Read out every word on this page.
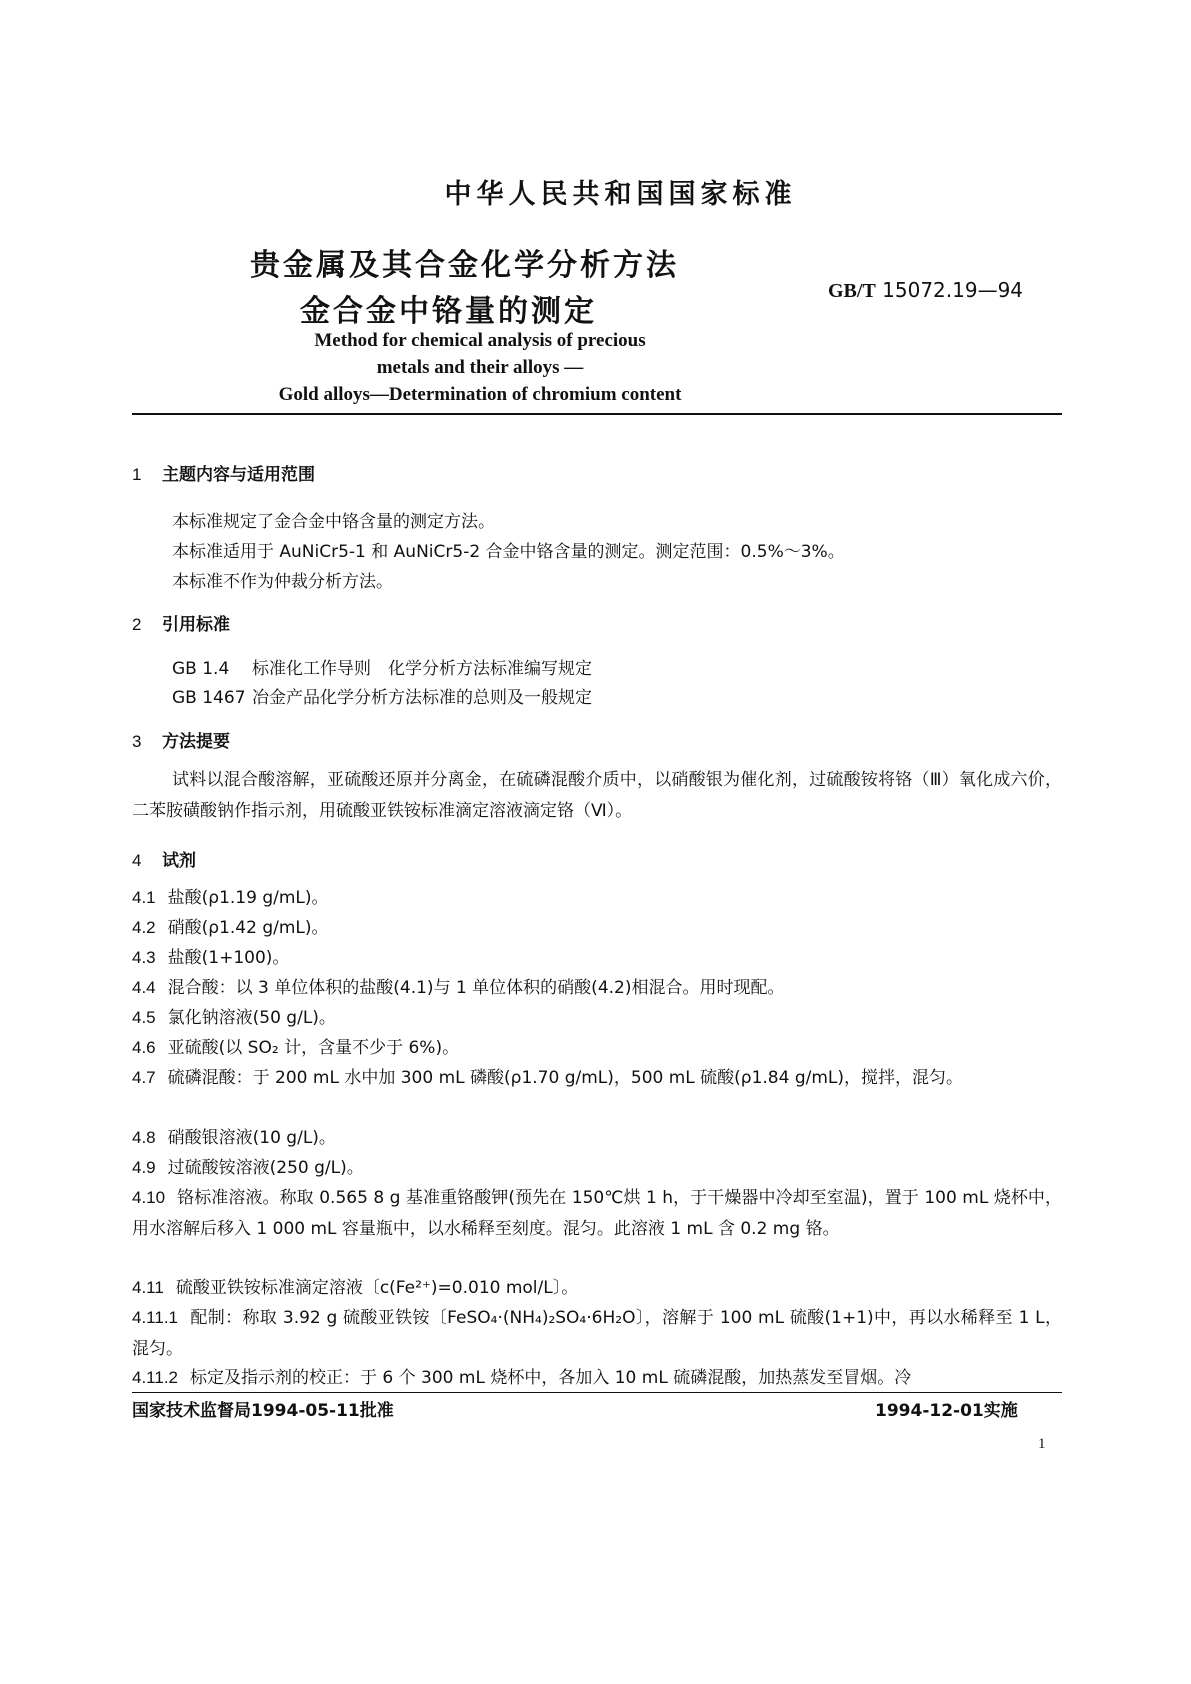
中华人民共和国国家标准
贵金属及其合金化学分析方法
金合金中铬量的测定
GB/T 15072.19—94
Method for chemical analysis of precious
metals and their alloys —
Gold alloys—Determination of chromium content
1 主题内容与适用范围
本标准规定了金合金中铬含量的测定方法。
本标准适用于 AuNiCr5-1 和 AuNiCr5-2 合金中铬含量的测定。测定范围：0.5%～3%。
本标准不作为仲裁分析方法。
2 引用标准
GB 1.4 标准化工作导则　化学分析方法标准编写规定
GB 1467 冶金产品化学分析方法标准的总则及一般规定
3 方法提要
试料以混合酸溶解，亚硫酸还原并分离金，在硫磷混酸介质中，以硝酸银为催化剂，过硫酸铵将铬（Ⅲ）氧化成六价，二苯胺磺酸钠作指示剂，用硫酸亚铁铵标准滴定溶液滴定铬（Ⅵ）。
4 试剂
4.1 盐酸(ρ1.19 g/mL)。
4.2 硝酸(ρ1.42 g/mL)。
4.3 盐酸(1+100)。
4.4 混合酸：以 3 单位体积的盐酸(4.1)与 1 单位体积的硝酸(4.2)相混合。用时现配。
4.5 氯化钠溶液(50 g/L)。
4.6 亚硫酸(以 SO₂ 计，含量不少于 6%)。
4.7 硫磷混酸：于 200 mL 水中加 300 mL 磷酸(ρ1.70 g/mL)，500 mL 硫酸(ρ1.84 g/mL)，搅拌，混匀。
4.8 硝酸银溶液(10 g/L)。
4.9 过硫酸铵溶液(250 g/L)。
4.10 铬标准溶液。称取 0.565 8 g 基准重铬酸钾(预先在 150℃烘 1 h，于干燥器中冷却至室温)，置于 100 mL 烧杯中，用水溶解后移入 1 000 mL 容量瓶中，以水稀释至刻度。混匀。此溶液 1 mL 含 0.2 mg 铬。
4.11 硫酸亚铁铵标准滴定溶液〔c(Fe²⁺)=0.010 mol/L〕。
4.11.1 配制：称取 3.92 g 硫酸亚铁铵〔FeSO₄·(NH₄)₂SO₄·6H₂O〕，溶解于 100 mL 硫酸(1+1)中，再以水稀释至 1 L，混匀。
4.11.2 标定及指示剂的校正：于 6 个 300 mL 烧杯中，各加入 10 mL 硫磷混酸，加热蒸发至冒烟。冷
国家技术监督局1994-05-11批准	1994-12-01实施
1
